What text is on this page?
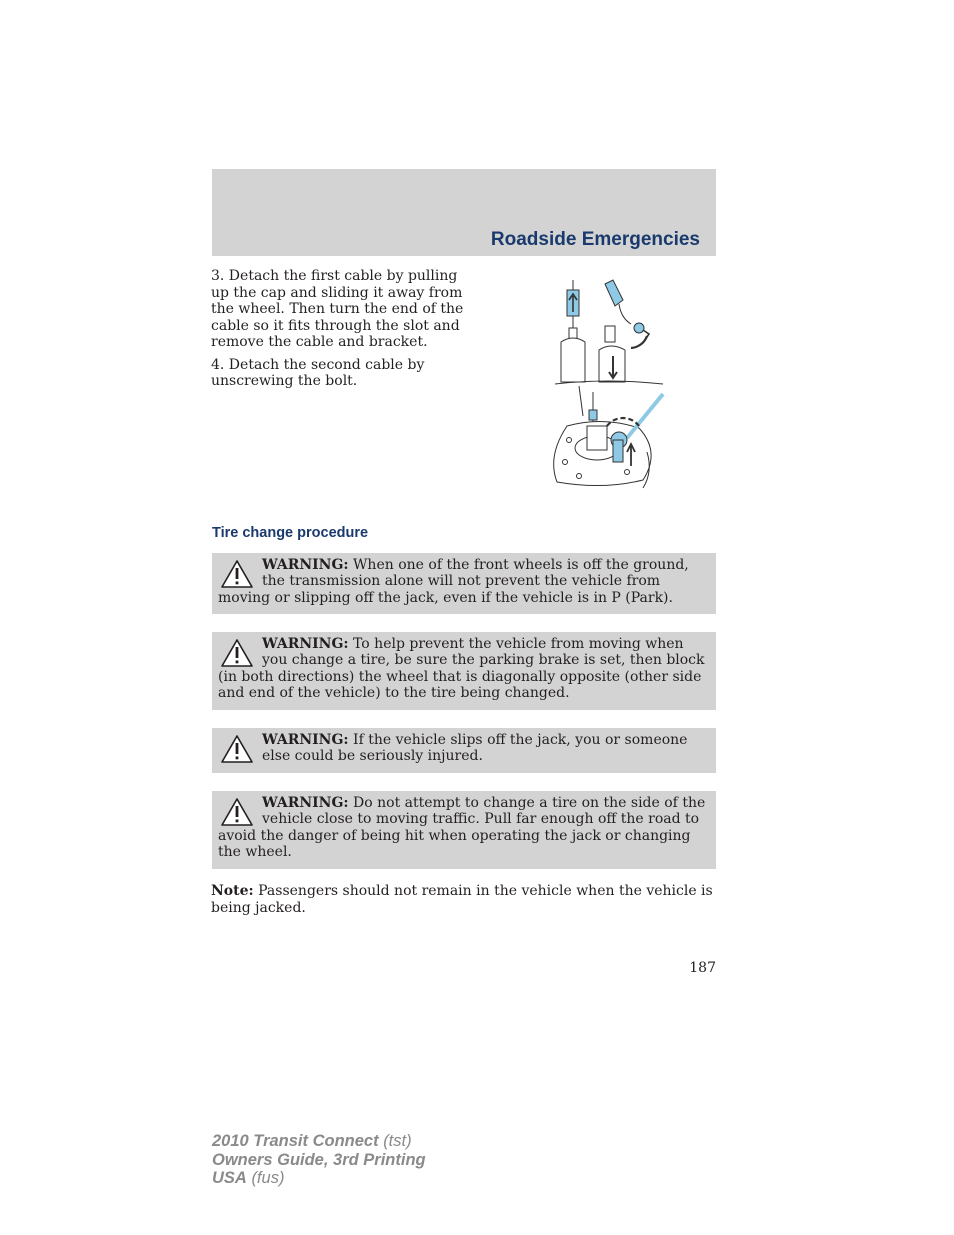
Roadside Emergencies

3. Detach the first cable by pulling up the cap and sliding it away from the wheel. Then turn the end of the cable so it fits through the slot and remove the cable and bracket.

4. Detach the second cable by unscrewing the bolt.

Tire change procedure
WARNING: When one of the front wheels is off the ground, the transmission alone will not prevent the vehicle from moving or slipping off the jack, even if the vehicle is in P (Park).
WARNING: To help prevent the vehicle from moving when you change a tire, be sure the parking brake is set, then block (in both directions) the wheel that is diagonally opposite (other side and end of the vehicle) to the tire being changed.
WARNING: If the vehicle slips off the jack, you or someone else could be seriously injured.
WARNING: Do not attempt to change a tire on the side of the vehicle close to moving traffic. Pull far enough off the road to avoid the danger of being hit when operating the jack or changing the wheel.
Note: Passengers should not remain in the vehicle when the vehicle is being jacked.
187
2010 Transit Connect (tst)
Owners Guide, 3rd Printing
USA (fus)
